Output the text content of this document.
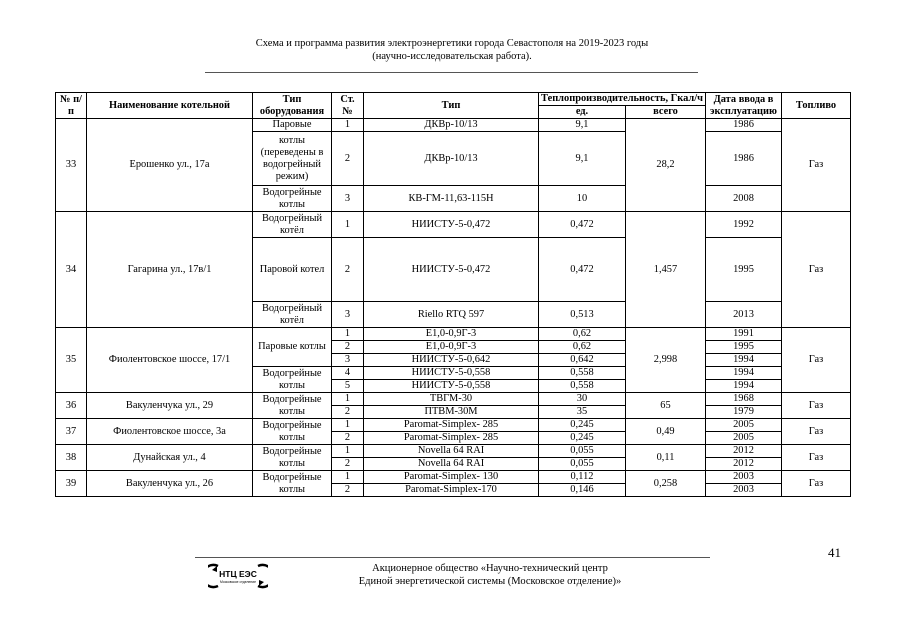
Схема и программа развития электроэнергетики города Севастополя на 2019-2023 годы
(научно-исследовательская работа).
№ п/п	Наименование котельной	Тип оборудования	Ст. №	Тип	Теплопроизводительность, Гкал/ч		Дата ввода в эксплуатацию	Топливо
					ед.	всего		
33	Ерошенко ул., 17а	Паровые	1	ДКВр-10/13	9,1	28,2	1986	Газ
		котлы (переведены в водогрейный режим)	2	ДКВр-10/13	9,1		1986	
		Водогрейные котлы	3	КВ-ГМ-11,63-115Н	10		2008	
34	Гагарина ул., 17в/1	Водогрейный котёл	1	НИИСТУ-5-0,472	0,472	1,457	1992	Газ
		Паровой котел	2	НИИСТУ-5-0,472	0,472		1995	
		Водогрейный котёл	3	Riello RTQ 597	0,513		2013	
35	Фиолентовское шоссе, 17/1	Паровые котлы	1	Е1,0-0,9Г-3	0,62	2,998	1991	Газ
			2	Е1,0-0,9Г-3	0,62		1995	
			3	НИИСТУ-5-0,642	0,642		1994	
		Водогрейные котлы	4	НИИСТУ-5-0,558	0,558		1994	
			5	НИИСТУ-5-0,558	0,558		1994	
36	Вакуленчука ул., 29	Водогрейные котлы	1	ТВГМ-30	30	65	1968	Газ
			2	ПТВМ-30М	35		1979	
37	Фиолентовское шоссе, 3а	Водогрейные котлы	1	Paromat-Simplex- 285	0,245	0,49	2005	Газ
			2	Paromat-Simplex- 285	0,245		2005	
38	Дунайская ул., 4	Водогрейные котлы	1	Novella 64 RAI	0,055	0,11	2012	Газ
			2	Novella 64 RAI	0,055		2012	
39	Вакуленчука ул., 26	Водогрейные котлы	1	Paromat-Simplex- 130	0,112	0,258	2003	Газ
			2	Paromat-Simplex-170	0,146		2003	
41
НТЦ ЕЭС
Московское отделение
Акционерное общество «Научно-технический центр
Единой энергетической системы (Московское отделение)»
